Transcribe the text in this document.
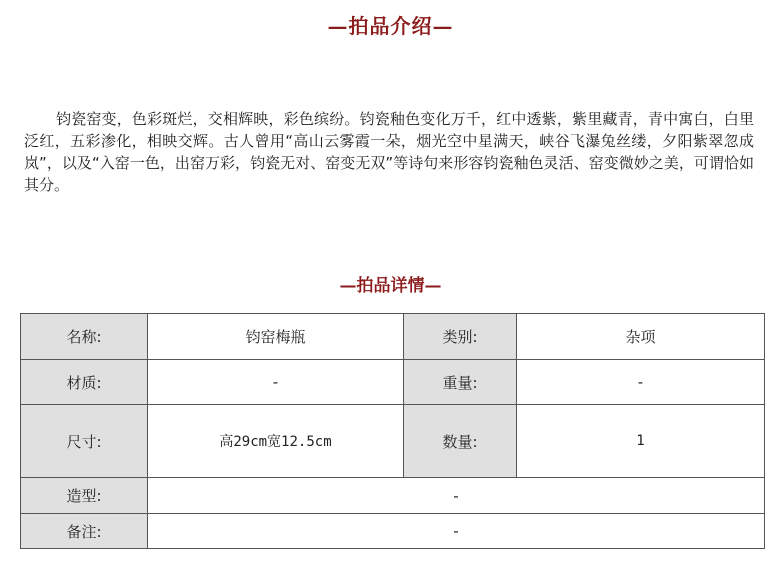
—拍品介绍—
钧瓷窑变，色彩斑烂，交相辉映，彩色缤纷。钧瓷釉色变化万千，红中透紫，紫里藏青，青中寓白，白里泛红，五彩渗化，相映交辉。古人曾用“高山云雾霞一朵，烟光空中星满天，峡谷飞瀑兔丝缕，夕阳紫翠忽成岚”，以及“入窑一色，出窑万彩，钧瓷无对、窑变无双”等诗句来形容钧瓷釉色灵活、窑变微妙之美，可谓恰如其分。
—拍品详情—
名称:	钧窑梅瓶	类别:	杂项
材质:	-	重量:	-
尺寸:	高29cm宽12.5cm	数量:	1
造型:	-		
备注:	-		
